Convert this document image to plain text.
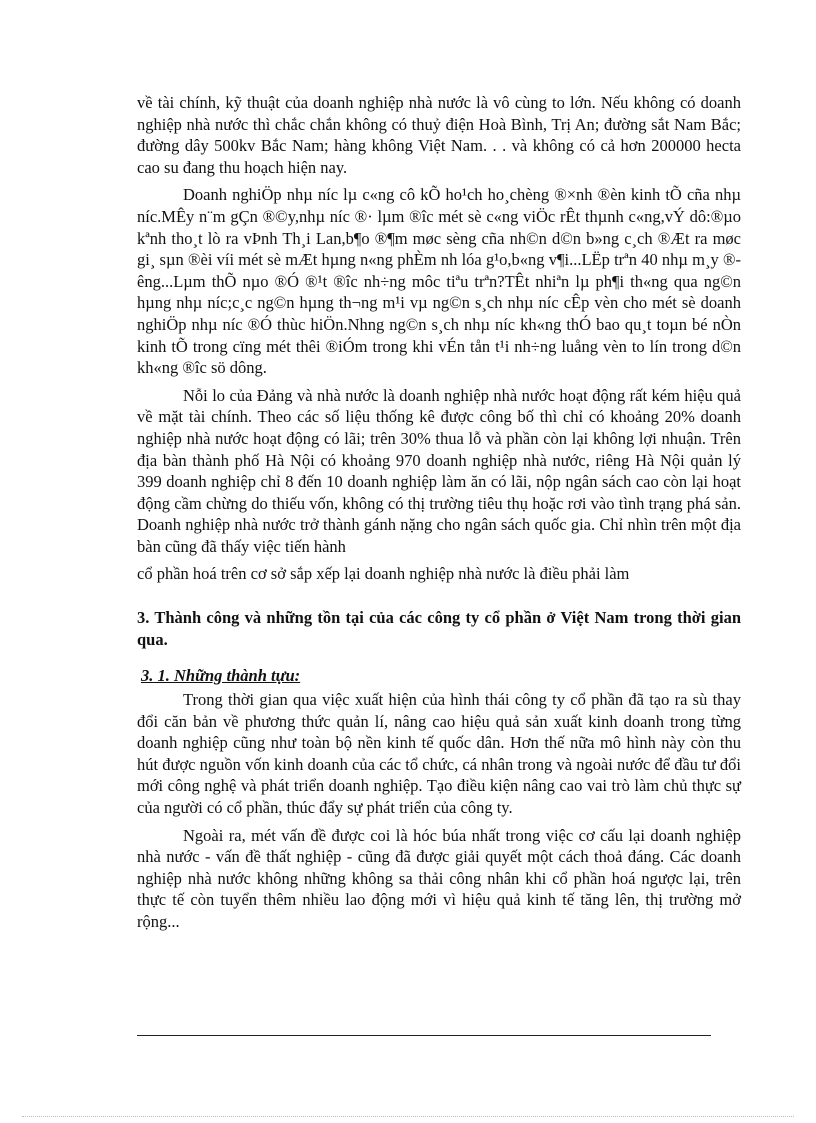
về tài chính, kỹ thuật của doanh nghiệp nhà nước là vô cùng to lớn. Nếu không có doanh nghiệp nhà nước thì chắc chắn không có thuỷ điện Hoà Bình, Trị An; đường sắt Nam Bắc; đường dây 500kv Bắc Nam; hàng không Việt Nam. . . và không có cả hơn 200000 hecta cao su đang thu hoạch hiện nay.

Doanh nghiÖp nhµ níc lµ c«ng cô kÕ ho¹ch ho¸chèng ®×nh ®èn kinh tÕ cña nhµ níc.MÊy n¨m gÇn ®©y,nhµ níc ®· lµm ®îc mét sè c«ng viÖc rÊt thµnh c«ng,vÝ dô:®µo kªnh tho¸t lò ra vÞnh Th¸i Lan,b¶o ®¶m møc sèng cña nh©n d©n b»ng c¸ch ®Æt ra møc gi¸ sµn ®èi víi mét sè mÆt hµng n«ng phÈm nh lóa g¹o,b«ng v¶i...LËp trªn 40 nhµ m¸y ®êng...Lµm thÕ nµo ®Ó ®¹t ®îc nh÷ng môc tiªu trªn?TÊt nhiªn lµ ph¶i th«ng qua ng©n hµng nhµ níc;c¸c ng©n hµng th¬ng m¹i vµ ng©n s¸ch nhµ níc cÊp vèn cho mét sè doanh nghiÖp nhµ níc ®Ó thùc hiÖn.Nhng ng©n s¸ch nhµ níc kh«ng thÓ bao qu¸t toµn bé nÒn kinh tÕ trong cïng mét thêi ®iÓm trong khi vÉn tån t¹i nh÷ng luång vèn to lín trong d©n kh«ng ®îc sö dông.

Nỗi lo của Đảng và nhà nước là doanh nghiệp nhà nước hoạt động rất kém hiệu quả về mặt tài chính. Theo các số liệu thống kê được công bố thì chỉ có khoảng 20% doanh nghiệp nhà nước hoạt động có lãi; trên 30% thua lỗ và phần còn lại không lợi nhuận. Trên địa bàn thành phố Hà Nội có khoảng 970 doanh nghiệp nhà nước, riêng Hà Nội quản lý 399 doanh nghiệp chỉ 8 đến 10 doanh nghiệp làm ăn có lãi, nộp ngân sách cao còn lại hoạt động cầm chừng do thiếu vốn, không có thị trường tiêu thụ hoặc rơi vào tình trạng phá sản. Doanh nghiệp nhà nước trở thành gánh nặng cho ngân sách quốc gia. Chỉ nhìn trên một địa bàn cũng đã thấy việc tiến hành

cổ phần hoá trên cơ sở sắp xếp lại doanh nghiệp nhà nước là điều phải làm

3. Thành công và những tồn tại của các công ty cổ phần ở Việt Nam trong thời gian qua.
3. 1. Những thành tựu:

Trong thời gian qua việc xuất hiện của hình thái công ty cổ phần đã tạo ra sù thay đổi căn bản về phương thức quản lí, nâng cao hiệu quả sản xuất kinh doanh trong từng doanh nghiệp cũng như toàn bộ nền kinh tế quốc dân. Hơn thế nữa mô hình này còn thu hút được nguồn vốn kinh doanh của các tổ chức, cá nhân trong và ngoài nước để đầu tư đổi mới công nghệ và phát triển doanh nghiệp. Tạo điều kiện nâng cao vai trò làm chủ thực sự của người có cổ phần, thúc đẩy sự phát triển của công ty.

Ngoài ra, mét vấn đề được coi là hóc búa nhất trong việc cơ cấu lại doanh nghiệp nhà nước - vấn đề thất nghiệp - cũng đã được giải quyết một cách thoả đáng. Các doanh nghiệp nhà nước không những không sa thải công nhân khi cổ phần hoá ngược lại, trên thực tế còn tuyển thêm nhiều lao động mới vì hiệu quả kinh tế tăng lên, thị trường mở rộng...
